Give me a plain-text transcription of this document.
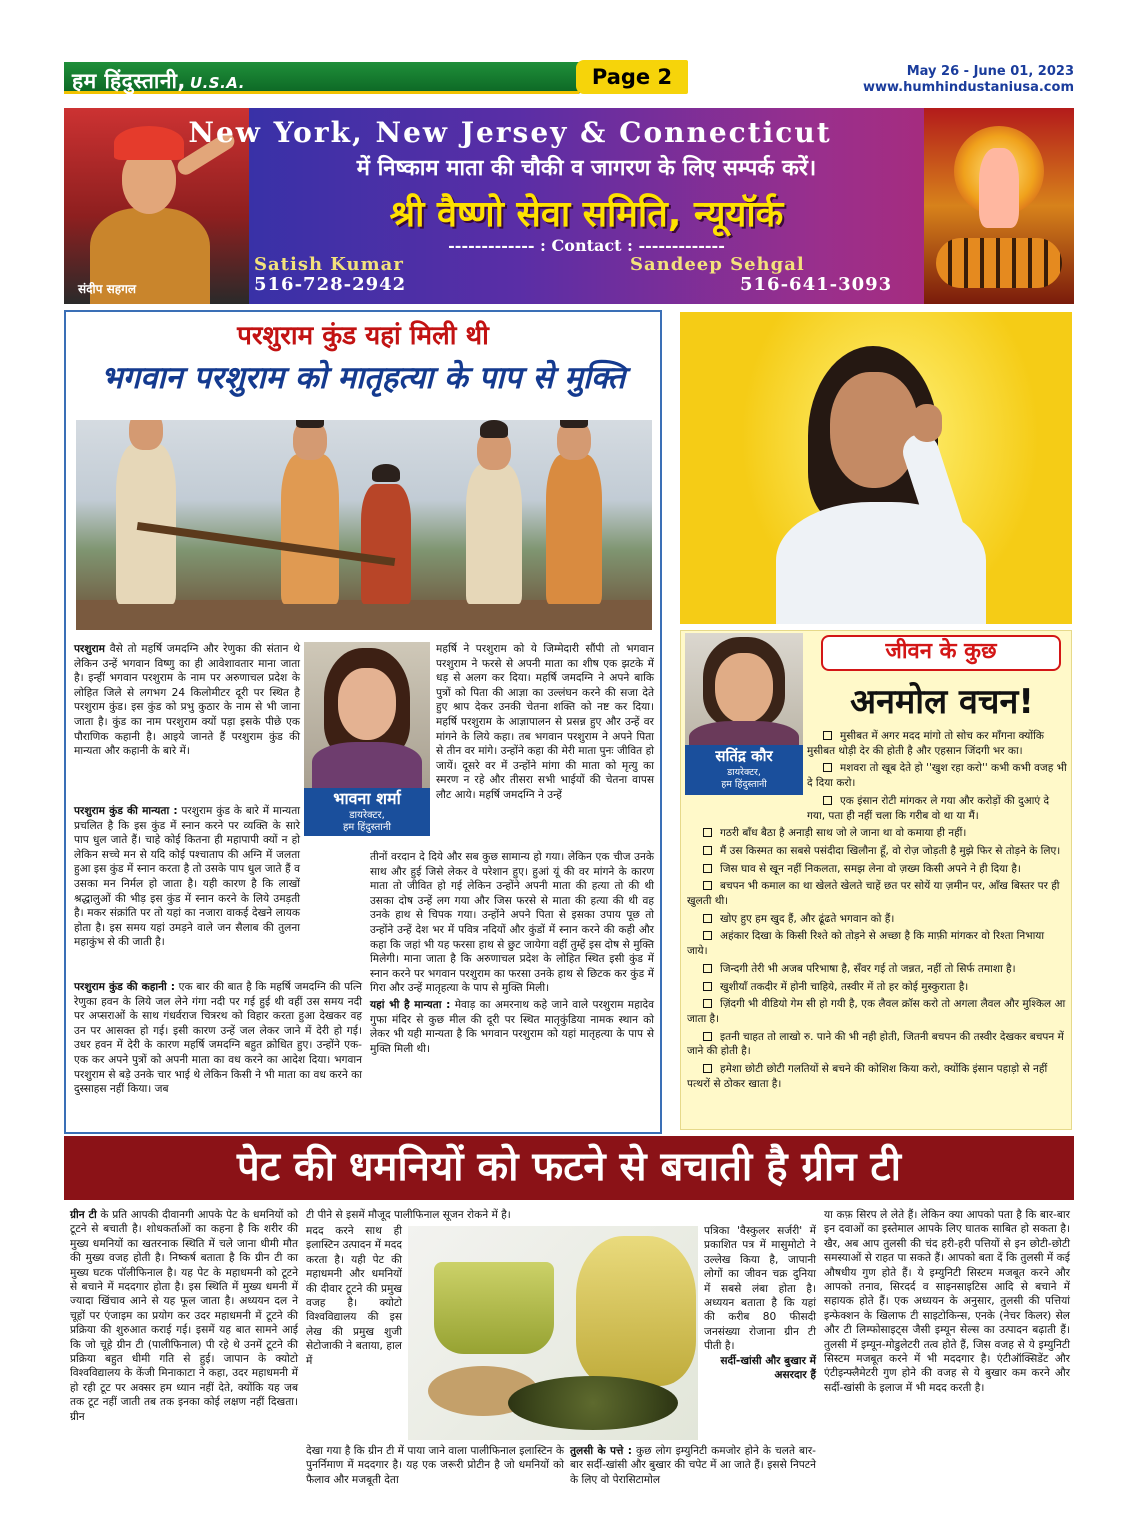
हम हिंदुस्तानी, U.S.A.	Page 2	May 26 - June 01, 2023
www.humhindustaniusa.com
संदीप सहगल
New York, New Jersey & Connecticut
में निष्काम माता की चौकी व जागरण के लिए सम्पर्क करें।
श्री वैष्णो सेवा समिति, न्यूयॉर्क
------------- : Contact : -------------
Satish Kumar
516-728-2942
Sandeep Sehgal
516-641-3093
परशुराम कुंड यहां मिली थी
भगवान परशुराम को मातृहत्या के पाप से मुक्ति

परशुराम वैसे तो महर्षि जमदग्नि और रेणुका की संतान थे लेकिन उन्हें भगवान विष्णु का ही आवेशावतार माना जाता है। इन्हीं भगवान परशुराम के नाम पर अरुणाचल प्रदेश के लोहित जिले से लगभग 24 किलोमीटर दूरी पर स्थित है परशुराम कुंड। इस कुंड को प्रभु कुठार के नाम से भी जाना जाता है। कुंड का नाम परशुराम क्यों पड़ा इसके पीछे एक पौराणिक कहानी है। आइये जानते हैं परशुराम कुंड की मान्यता और कहानी के बारे में।

परशुराम कुंड की मान्यता : परशुराम कुंड के बारे में मान्यता प्रचलित है कि इस कुंड में स्नान करने पर व्यक्ति के सारे पाप धुल जाते हैं। चाहे कोई कितना ही महापापी क्यों न हो लेकिन सच्चे मन से यदि कोई पश्चाताप की अग्नि में जलता हुआ इस कुंड में स्नान करता है तो उसके पाप धुल जाते हैं व उसका मन निर्मल हो जाता है। यही कारण है कि लाखों श्रद्धालुओं की भीड़ इस कुंड में स्नान करने के लिये उमड़ती है। मकर संक्रांति पर तो यहां का नजारा वाकई देखने लायक होता है। इस समय यहां उमड़ने वाले जन सैलाब की तुलना महाकुंभ से की जाती है।

भावना शर्मा
डायरेक्टर,
हम हिंदुस्तानी

परशुराम कुंड की कहानी : एक बार की बात है कि महर्षि जमदग्नि की पत्नि रेणुका हवन के लिये जल लेने गंगा नदी पर गई हुई थी वहीं उस समय नदी पर अप्सराओं के साथ गंधर्वराज चित्ररथ को विहार करता हुआ देखकर वह उन पर आसक्त हो गई। इसी कारण उन्हें जल लेकर जाने में देरी हो गई। उधर हवन में देरी के कारण महर्षि जमदग्नि बहुत क्रोधित हुए। उन्होंने एक-एक कर अपने पुत्रों को अपनी माता का वध करने का आदेश दिया। भगवान परशुराम से बड़े उनके चार भाई थे लेकिन किसी ने भी माता का वध करने का दुस्साहस नहीं किया। जब

महर्षि ने परशुराम को ये जिम्मेदारी सौंपी तो भगवान परशुराम ने फरसे से अपनी माता का शीष एक झटके में धड़ से अलग कर दिया। महर्षि जमदग्नि ने अपने बाकि पुत्रों को पिता की आज्ञा का उल्लंघन करने की सजा देते हुए श्राप देकर उनकी चेतना शक्ति को नष्ट कर दिया। महर्षि परशुराम के आज्ञापालन से प्रसन्न हुए और उन्हें वर मांगने के लिये कहा। तब भगवान परशुराम ने अपने पिता से तीन वर मांगे। उन्होंने कहा की मेरी माता पुनः जीवित हो जायें। दूसरे वर में उन्होंने मांगा की माता को मृत्यु का स्मरण न रहे और तीसरा सभी भाईयों की चेतना वापस लौट आये। महर्षि जमदग्नि ने उन्हें

तीनों वरदान दे दिये और सब कुछ सामान्य हो गया। लेकिन एक चीज उनके साथ और हुई जिसे लेकर वे परेशान हुए। हुआं यूं की वर मांगने के कारण माता तो जीवित हो गई लेकिन उन्होंने अपनी माता की हत्या तो की थी उसका दोष उन्हें लग गया और जिस फरसे से माता की हत्या की थी वह उनके हाथ से चिपक गया। उन्होंने अपने पिता से इसका उपाय पूछ तो उन्होंने उन्हें देश भर में पवित्र नदियों और कुंडों में स्नान करने की कही और कहा कि जहां भी यह फरसा हाथ से छुट जायेगा वहीं तुम्हें इस दोष से मुक्ति मिलेगी। माना जाता है कि अरुणाचल प्रदेश के लोहित स्थित इसी कुंड में स्नान करने पर भगवान परशुराम का फरसा उनके हाथ से छिटक कर कुंड में गिरा और उन्हें मातृहत्या के पाप से मुक्ति मिली।

यहां भी है मान्यता : मेवाड़ का अमरनाथ कहे जाने वाले परशुराम महादेव गुफा मंदिर से कुछ मील की दूरी पर स्थित मातृकुंडिया नामक स्थान को लेकर भी यही मान्यता है कि भगवान परशुराम को यहां मातृहत्या के पाप से मुक्ति मिली थी।

सतिंद्र कौर
डायरेक्टर,
हम हिंदुस्तानी
जीवन के कुछ
अनमोल वचन!
मुसीबत में अगर मदद मांगो तो सोच कर माँगना क्योंकि मुसीबत थोड़ी देर की होती है और एहसान जिंदगी भर का।
मशवरा तो खूब देते हो ''खुश रहा करो'' कभी कभी वजह भी दे दिया करो।
एक इंसान रोटी मांगकर ले गया और करोड़ों की दुआएं दे गया, पता ही नहीं चला कि गरीब वो था या मैं।
गठरी बाँध बैठा है अनाड़ी साथ जो ले जाना था वो कमाया ही नहीं।
मैं उस किस्मत का सबसे पसंदीदा खिलौना हूँ, वो रोज़ जोड़ती है मुझे फिर से तोड़ने के लिए।
जिस घाव से खून नहीं निकलता, समझ लेना वो ज़ख्म किसी अपने ने ही दिया है।
बचपन भी कमाल का था खेलते खेलते चाहें छत पर सोयें या ज़मीन पर, आँख बिस्तर पर ही खुलती थी।
खोए हुए हम खुद हैं, और ढूंढते भगवान को हैं।
अहंकार दिखा के किसी रिश्ते को तोड़ने से अच्छा है कि माफ़ी मांगकर वो रिश्ता निभाया जाये।
जिन्दगी तेरी भी अजब परिभाषा है, सँवर गई तो जन्नत, नहीं तो सिर्फ तमाशा है।
खुशीयाँ तकदीर में होनी चाहिये, तस्वीर में तो हर कोई मुस्कुराता है।
ज़िंदगी भी वीडियो गेम सी हो गयी है, एक लैवल क्रॉस करो तो अगला लैवल और मुश्किल आ जाता है।
इतनी चाहत तो लाखो रु. पाने की भी नही होती, जितनी बचपन की तस्वीर देखकर बचपन में जाने की होती है।
हमेशा छोटी छोटी गलतियों से बचने की कोशिश किया करो, क्योंकि इंसान पहाड़ो से नहीं पत्थरों से ठोकर खाता है।
पेट की धमनियों को फटने से बचाती है ग्रीन टी
ग्रीन टी के प्रति आपकी दीवानगी आपके पेट के धमनियों को टूटने से बचाती है। शोधकर्ताओं का कहना है कि शरीर की मुख्य धमनियों का खतरनाक स्थिति में चले जाना धीमी मौत की मुख्य वजह होती है। निष्कर्ष बताता है कि ग्रीन टी का मुख्य घटक पॉलीफिनाल है। यह पेट के महाधमनी को टूटने से बचाने में मददगार होता है। इस स्थिति में मुख्य धमनी में ज्यादा खिंचाव आने से यह फूल जाता है। अध्ययन दल ने चूहों पर एंजाइम का प्रयोग कर उदर महाधमनी में टूटने की प्रक्रिया की शुरुआत कराई गई। इसमें यह बात सामने आई कि जो चूहे ग्रीन टी (पालीफिनाल) पी रहे थे उनमें टूटने की प्रक्रिया बहुत धीमी गति से हुई। जापान के क्योटो विश्वविद्यालय के केंजी मिनाकाटा ने कहा, उदर महाधमनी में हो रही टूट पर अक्सर हम ध्यान नहीं देते, क्योंकि यह जब तक टूट नहीं जाती तब तक इनका कोई लक्षण नहीं दिखता। ग्रीन
टी पीने से इसमें मौजूद पालीफिनाल सूजन रोकने में है।
मदद करने साथ ही इलास्टिन उत्पादन में मदद करता है। यही पेट की महाधमनी और धमनियों की दीवार टूटने की प्रमुख वजह है। क्योटो विश्वविद्यालय की इस लेख की प्रमुख शुजी सेटोजाकी ने बताया, हाल में
देखा गया है कि ग्रीन टी में पाया जाने वाला पालीफिनाल इलास्टिन के पुनर्निमाण में मददगार है। यह एक जरूरी प्रोटीन है जो धमनियों को फैलाव और मजबूती देता
पत्रिका 'वैस्कुलर सर्जरी' में प्रकाशित पत्र में मासुमोटो ने उल्लेख किया है, जापानी लोगों का जीवन चक्र दुनिया में सबसे लंबा होता है। अध्ययन बताता है कि यहां की करीब 80 फीसदी जनसंख्या रोजाना ग्रीन टी पीती है।
सर्दी-खांसी और बुखार में असरदार हैं
तुलसी के पत्ते : कुछ लोग इम्युनिटी कमजोर होने के चलते बार-बार सर्दी-खांसी और बुखार की चपेट में आ जाते हैं। इससे निपटने के लिए वो पेरासिटामोल
या कफ़ सिरप ले लेते हैं। लेकिन क्या आपको पता है कि बार-बार इन दवाओं का इस्तेमाल आपके लिए घातक साबित हो सकता है। खैर, अब आप तुलसी की चंद हरी-हरी पत्तियों से इन छोटी-छोटी समस्याओं से राहत पा सकते हैं। आपको बता दें कि तुलसी में कई औषधीय गुण होते हैं। ये इम्युनिटी सिस्टम मजबूत करने और आपको तनाव, सिरदर्द व साइनसाइटिस आदि से बचाने में सहायक होते हैं। एक अध्ययन के अनुसार, तुलसी की पत्तियां इन्फेक्शन के खिलाफ टी साइटोकिन्स, एनके (नेचर किलर) सेल और टी लिम्फोसाइट्स जैसी इम्यून सेल्स का उत्पादन बढ़ाती हैं। तुलसी में इम्यून-मोडुलेटरी तत्व होते हैं, जिस वजह से ये इम्युनिटी सिस्टम मजबूत करने में भी मददगार है। एंटीऑक्सिडेंट और एंटीइन्फ्लैमेटरी गुण होने की वजह से ये बुखार कम करने और सर्दी-खांसी के इलाज में भी मदद करती है।
